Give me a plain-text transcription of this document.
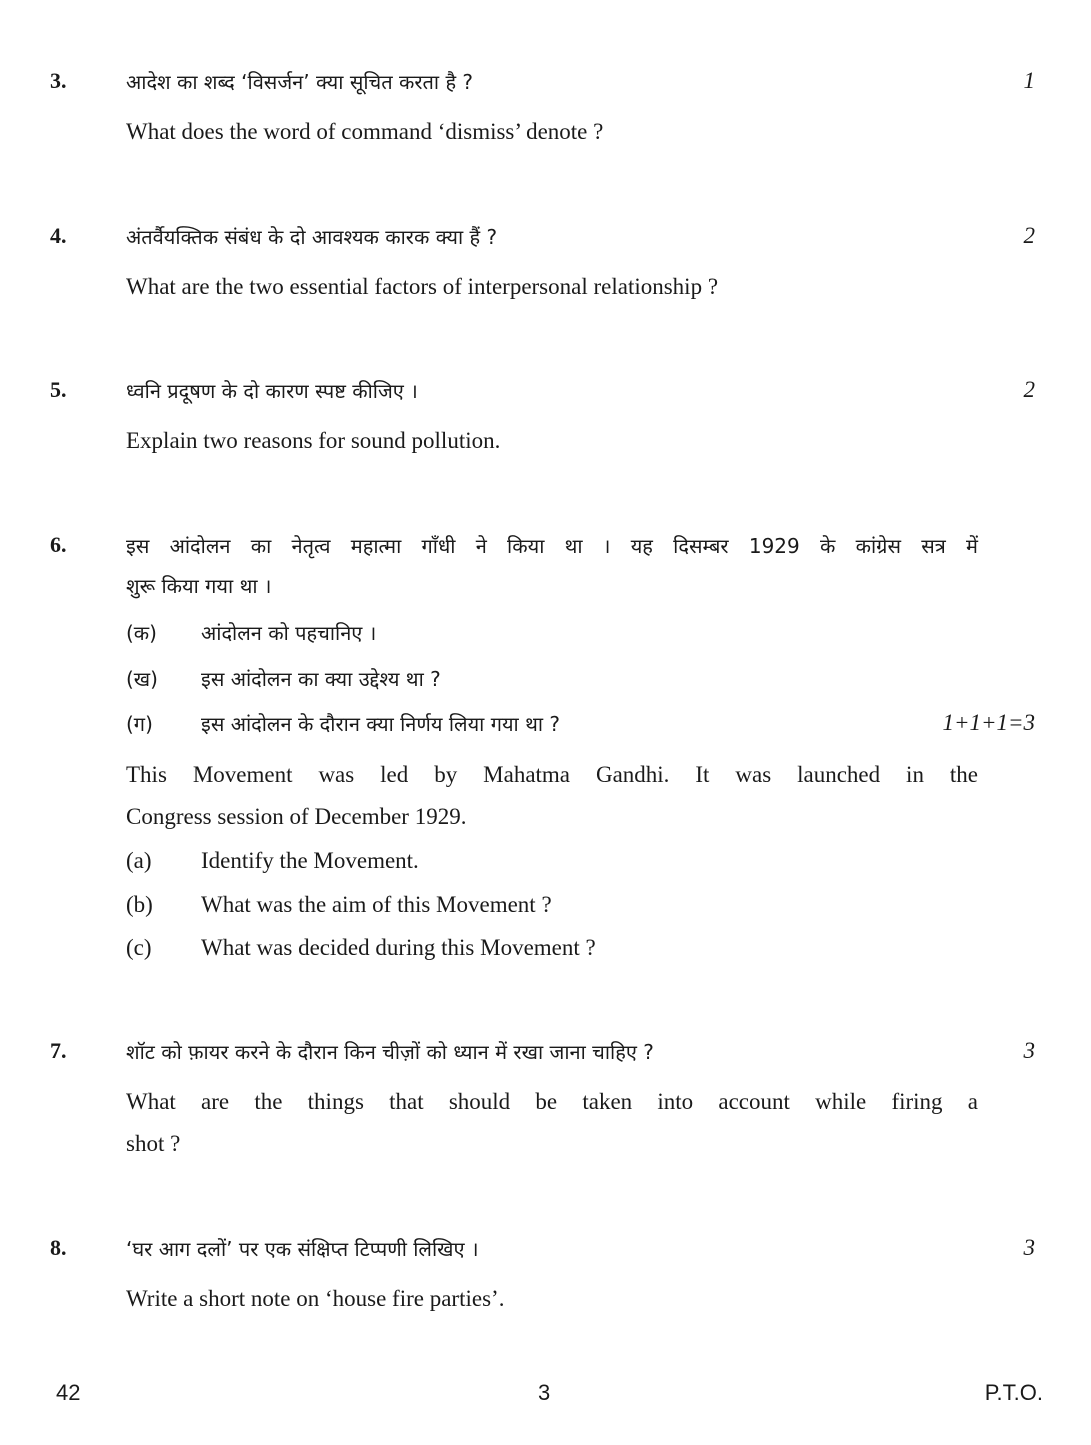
3.	आदेश का शब्द ‘विसर्जन’ क्या सूचित करता है ?	1
What does the word of command ‘dismiss’ denote ?
4.	अंतर्वैयक्तिक संबंध के दो आवश्यक कारक क्या हैं ?	2
What are the two essential factors of interpersonal relationship ?
5.	ध्वनि प्रदूषण के दो कारण स्पष्ट कीजिए ।	2
Explain two reasons for sound pollution.
6.	इस आंदोलन का नेतृत्व महात्मा गाँधी ने किया था । यह दिसम्बर 1929 के कांग्रेस सत्र में
शुरू किया गया था ।
(क) आंदोलन को पहचानिए ।
(ख) इस आंदोलन का क्या उद्देश्य था ?
(ग) इस आंदोलन के दौरान क्या निर्णय लिया गया था ?	1+1+1=3
This Movement was led by Mahatma Gandhi. It was launched in the
Congress session of December 1929.
(a) Identify the Movement.
(b) What was the aim of this Movement ?
(c) What was decided during this Movement ?
7.	शॉट को फ़ायर करने के दौरान किन चीज़ों को ध्यान में रखा जाना चाहिए ?	3
What are the things that should be taken into account while firing a
shot ?
8.	‘घर आग दलों’ पर एक संक्षिप्त टिप्पणी लिखिए ।	3
Write a short note on ‘house fire parties’.
42	3	P.T.O.
